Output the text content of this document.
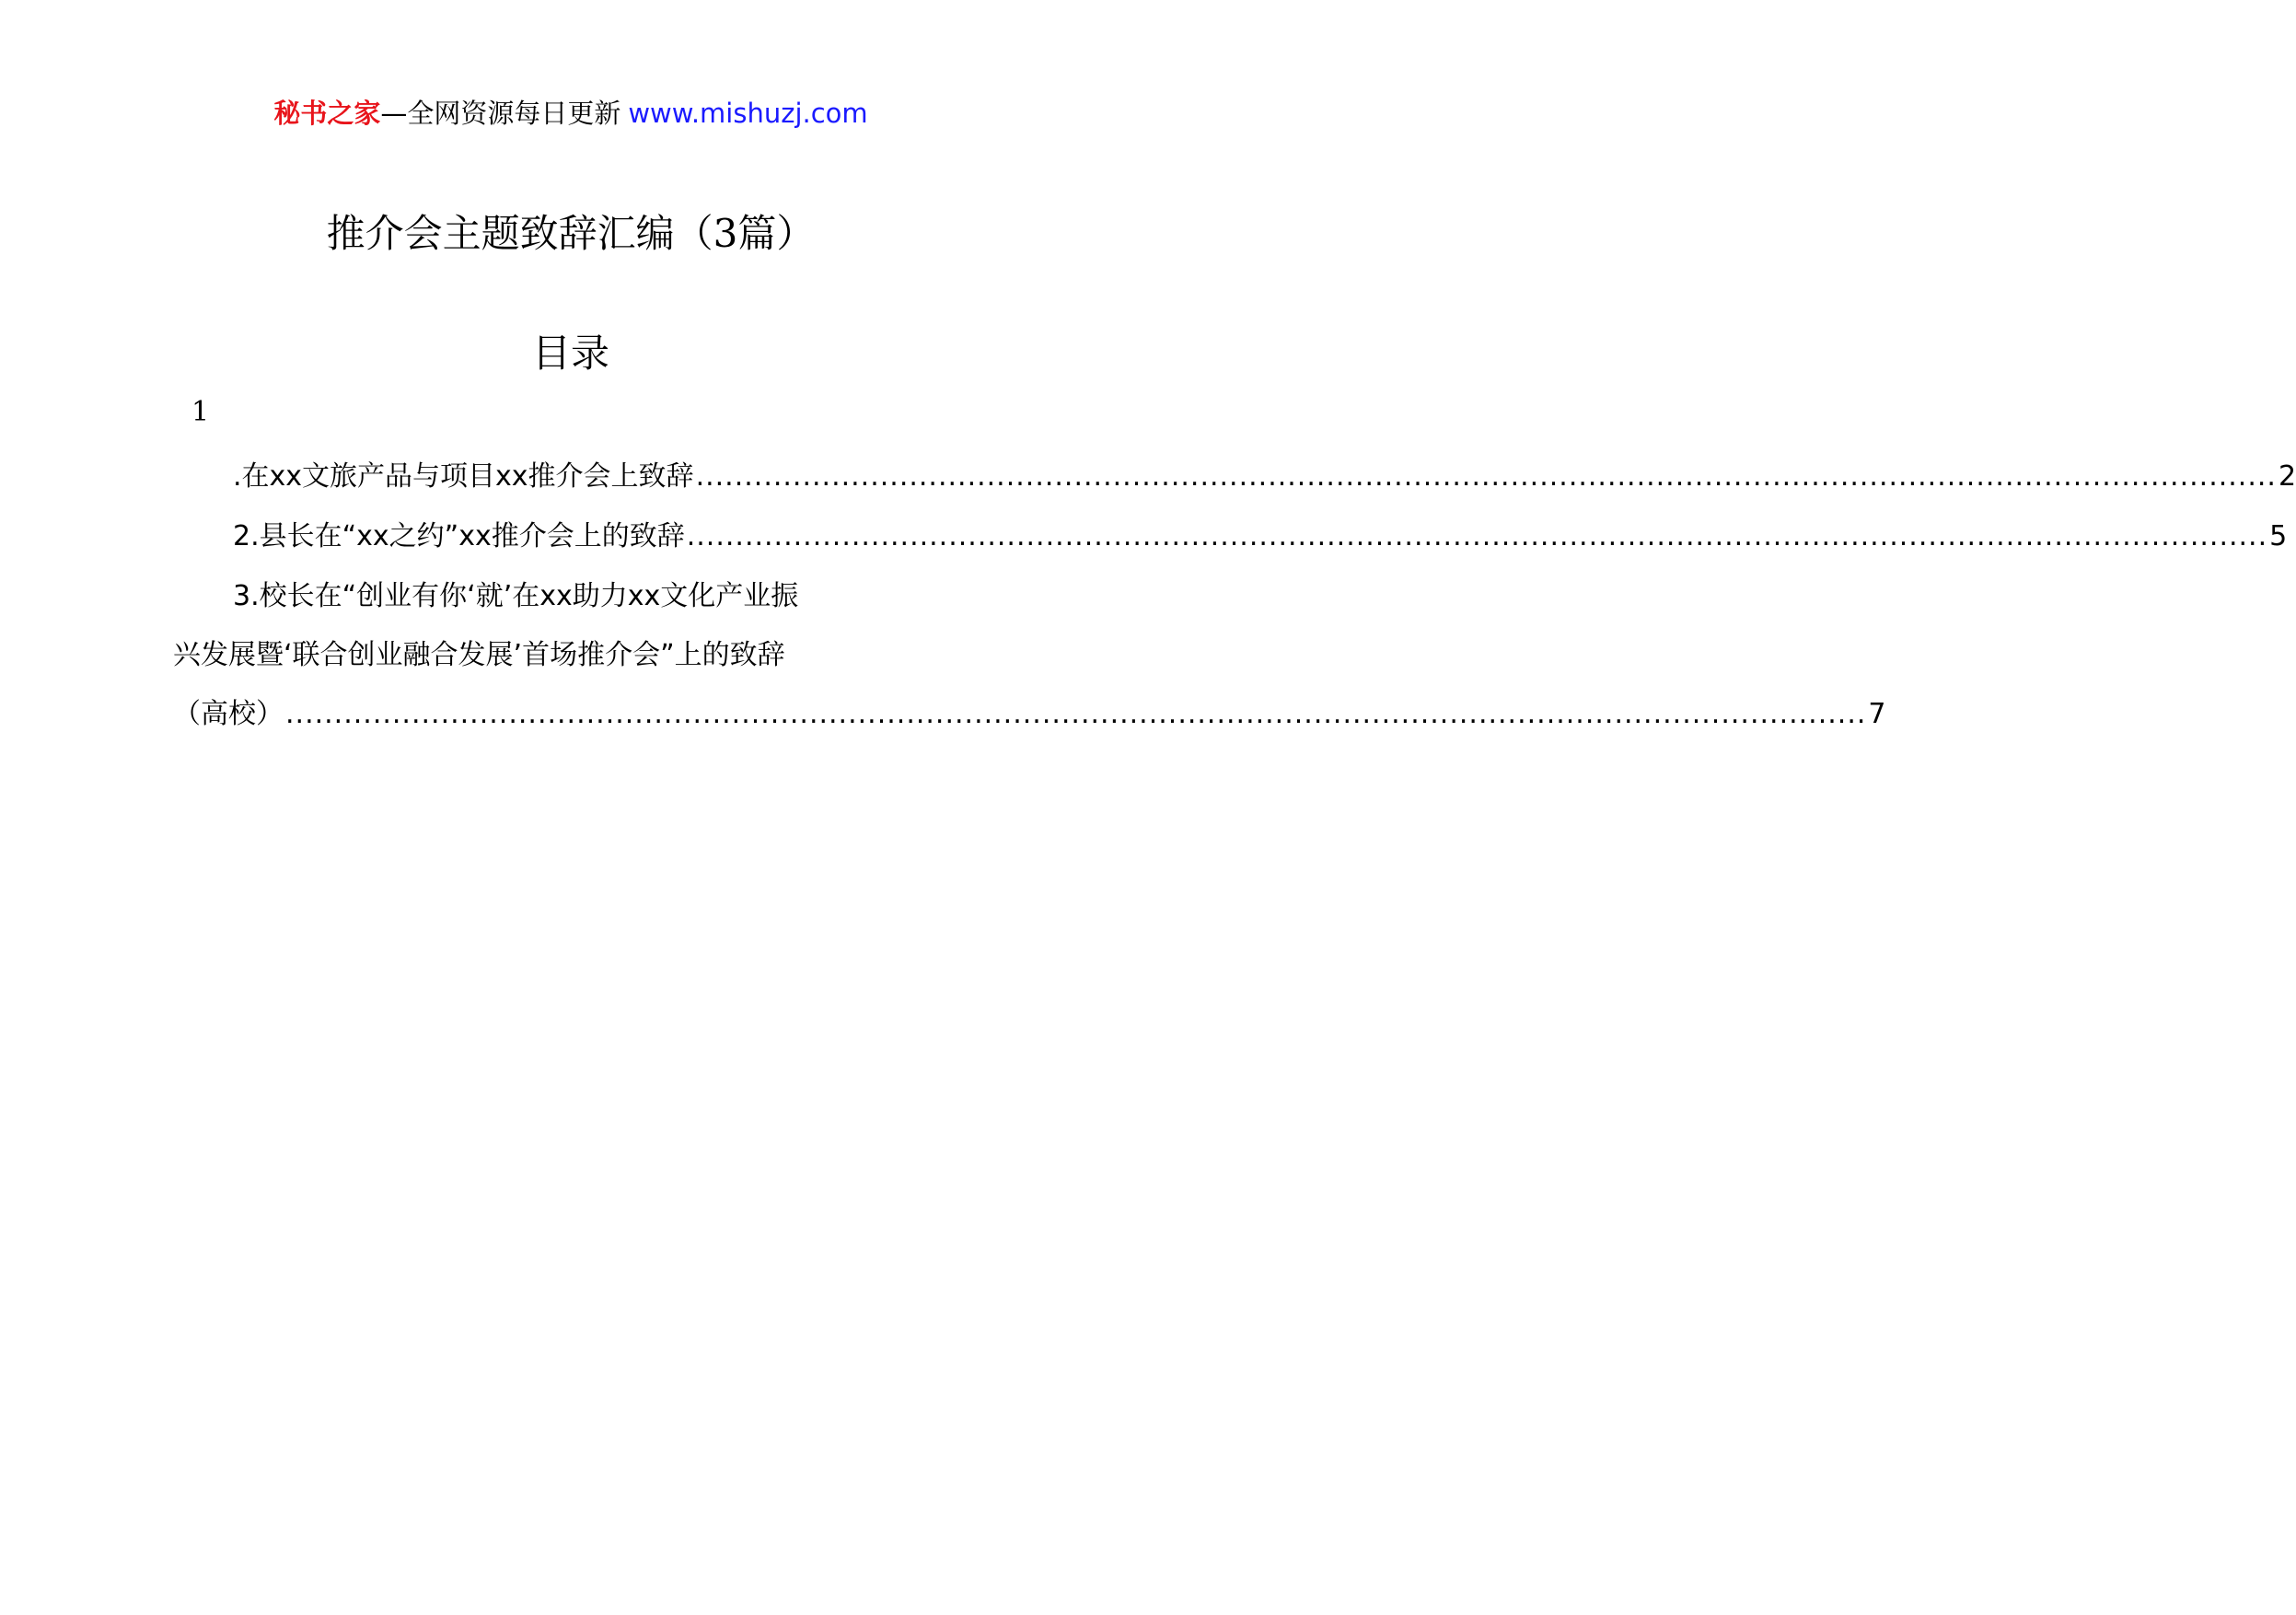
秘书之家—全网资源每日更新 www.mishuzj.com
推介会主题致辞汇编（3篇）
目录
1
.在xx文旅产品与项目xx推介会上致辞 ................................................................................................................................................................... 2
2.县长在“xx之约”xx推介会上的致辞 ................................................................................................................................................................... 5
3.校长在“创业有你‘就’在xx助力xx文化产业振
兴发展暨‘联合创业融合发展’首场推介会”上的致辞
（高校） ................................................................................................................................................................... 7
